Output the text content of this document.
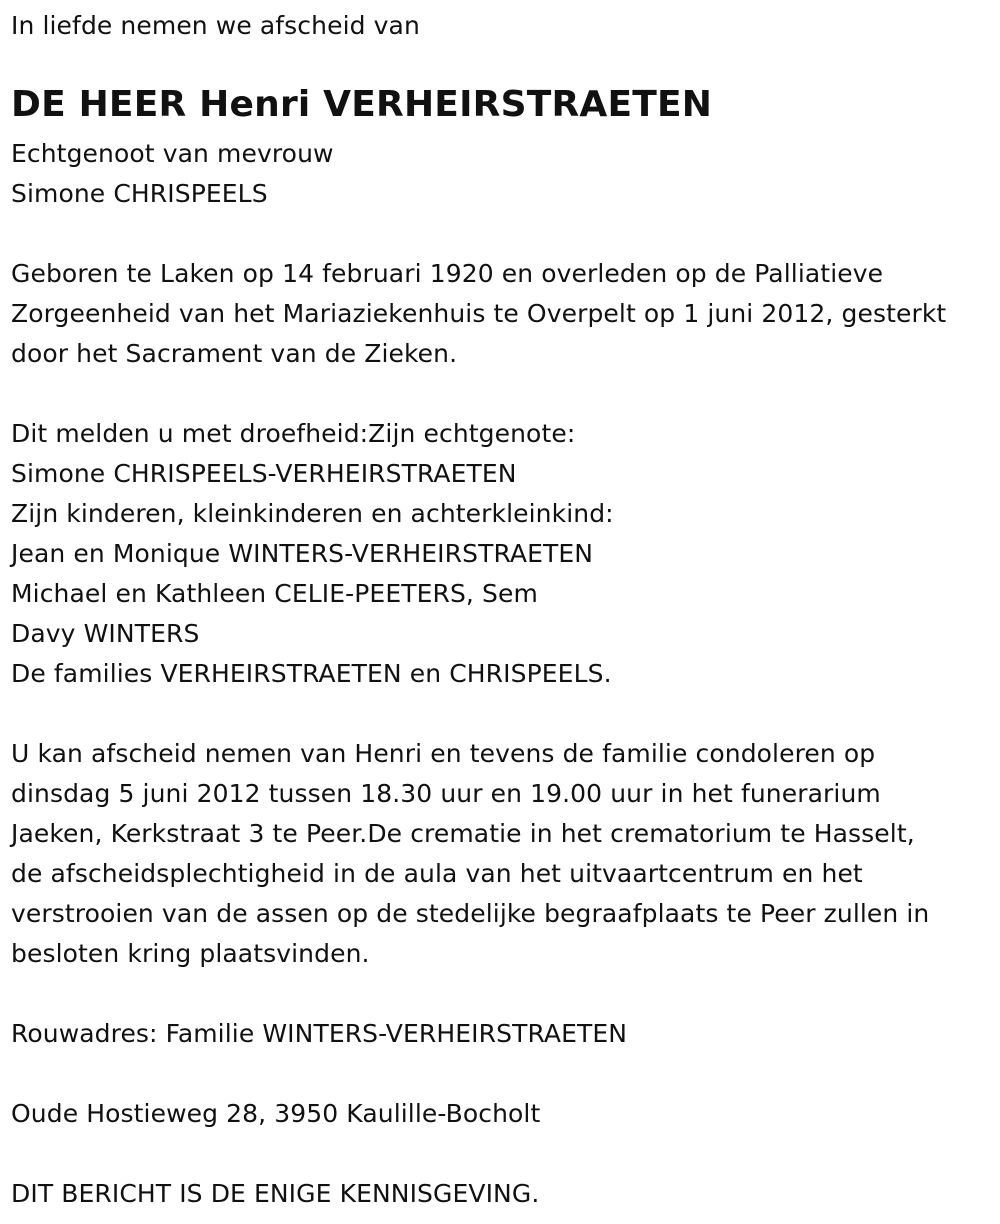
In liefde nemen we afscheid van
DE HEER Henri VERHEIRSTRAETEN
Echtgenoot van mevrouw
Simone CHRISPEELS
Geboren te Laken op 14 februari 1920 en overleden op de Palliatieve
Zorgeenheid van het Mariaziekenhuis te Overpelt op 1 juni 2012, gesterkt
door het Sacrament van de Zieken.
Dit melden u met droefheid:Zijn echtgenote:
Simone CHRISPEELS-VERHEIRSTRAETEN
Zijn kinderen, kleinkinderen en achterkleinkind:
Jean en Monique WINTERS-VERHEIRSTRAETEN
Michael en Kathleen CELIE-PEETERS, Sem
Davy WINTERS
De families VERHEIRSTRAETEN en CHRISPEELS.
U kan afscheid nemen van Henri en tevens de familie condoleren op
dinsdag 5 juni 2012 tussen 18.30 uur en 19.00 uur in het funerarium
Jaeken, Kerkstraat 3 te Peer.De crematie in het crematorium te Hasselt,
de afscheidsplechtigheid in de aula van het uitvaartcentrum en het
verstrooien van de assen op de stedelijke begraafplaats te Peer zullen in
besloten kring plaatsvinden.
Rouwadres: Familie WINTERS-VERHEIRSTRAETEN
Oude Hostieweg 28, 3950 Kaulille-Bocholt
DIT BERICHT IS DE ENIGE KENNISGEVING.
